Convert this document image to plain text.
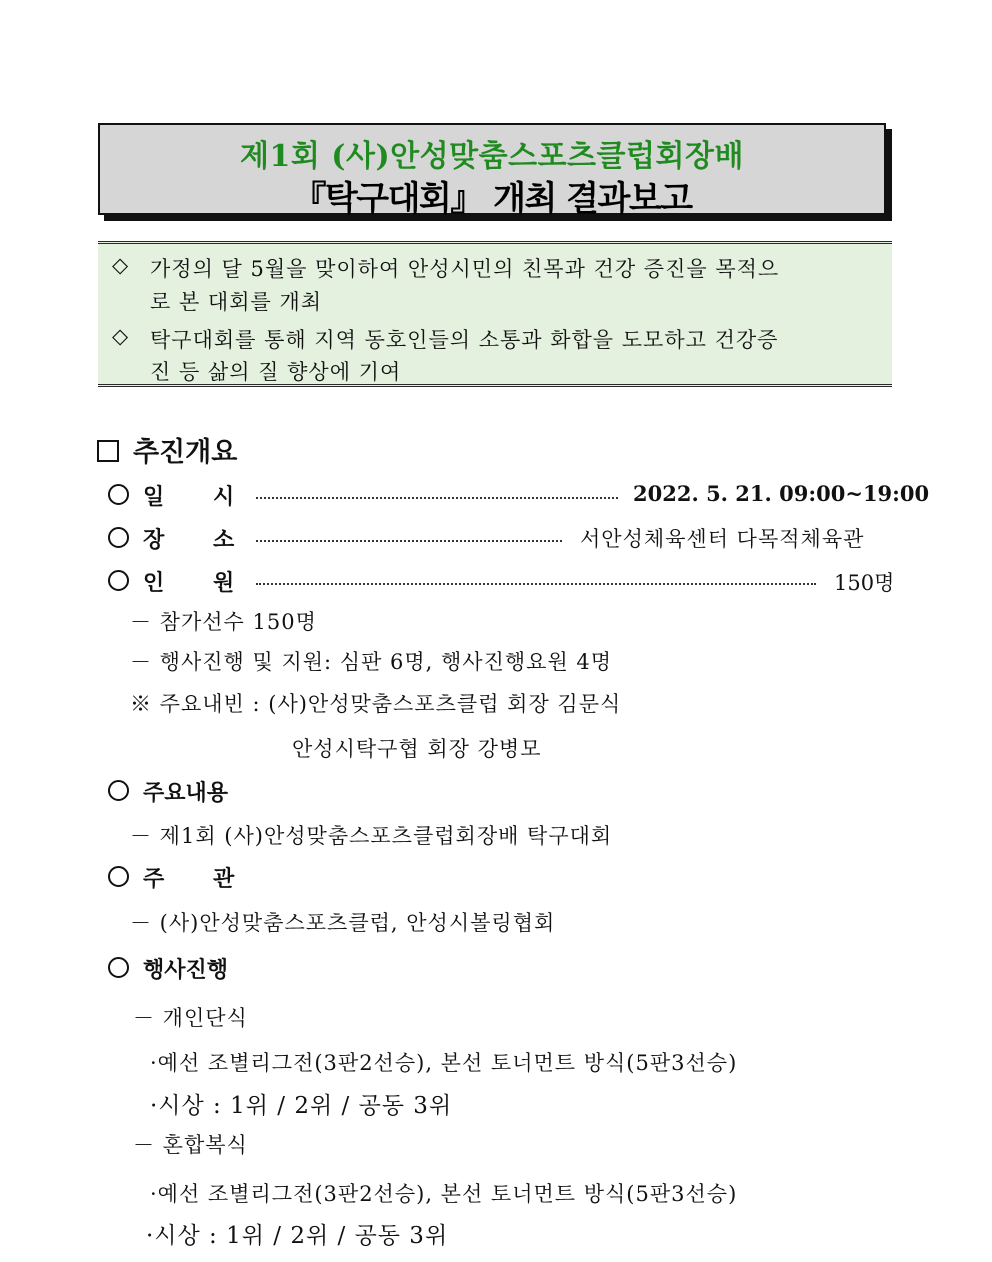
제1회 (사)안성맞춤스포츠클럽회장배
『탁구대회』 개최 결과보고
◇ 가정의 달 5월을 맞이하여 안성시민의 친목과 건강 증진을 목적으
로 본 대회를 개최
◇ 탁구대회를 통해 지역 동호인들의 소통과 화합을 도모하고 건강증
진 등 삶의 질 향상에 기여
추진개요
일 시	2022. 5. 21. 09:00~19:00
장 소	서안성체육센터 다목적체육관
인 원	150명
－ 참가선수 150명
－ 행사진행 및 지원: 심판 6명, 행사진행요원 4명
※ 주요내빈 : (사)안성맞춤스포츠클럽 회장 김문식
안성시탁구협 회장 강병모
주요내용
－ 제1회 (사)안성맞춤스포츠클럽회장배 탁구대회
주 관
－ (사)안성맞춤스포츠클럽, 안성시볼링협회
행사진행
－ 개인단식
·예선 조별리그전(3판2선승), 본선 토너먼트 방식(5판3선승)
·시상 : 1위 / 2위 / 공동 3위
－ 혼합복식
·예선 조별리그전(3판2선승), 본선 토너먼트 방식(5판3선승)
·시상 : 1위 / 2위 / 공동 3위
